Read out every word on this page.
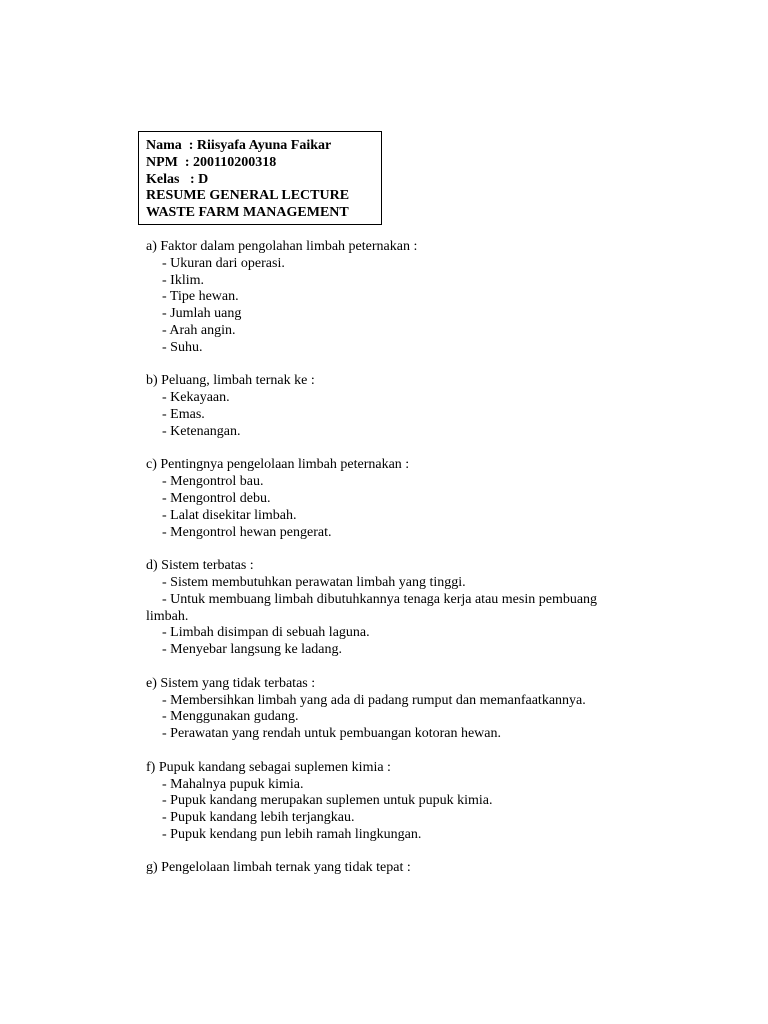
Nama  : Riisyafa Ayuna Faikar
NPM  : 200110200318
Kelas   : D
RESUME GENERAL LECTURE
WASTE FARM MANAGEMENT
a) Faktor dalam pengolahan limbah peternakan :
- Ukuran dari operasi.
- Iklim.
- Tipe hewan.
- Jumlah uang
- Arah angin.
- Suhu.
b) Peluang, limbah ternak ke :
- Kekayaan.
- Emas.
- Ketenangan.
c) Pentingnya pengelolaan limbah peternakan :
- Mengontrol bau.
- Mengontrol debu.
- Lalat disekitar limbah.
- Mengontrol hewan pengerat.
d) Sistem terbatas :
- Sistem membutuhkan perawatan limbah yang tinggi.
- Untuk membuang limbah dibutuhkannya tenaga kerja atau mesin pembuang
limbah.
- Limbah disimpan di sebuah laguna.
- Menyebar langsung ke ladang.
e) Sistem yang tidak terbatas :
- Membersihkan limbah yang ada di padang rumput dan memanfaatkannya.
- Menggunakan gudang.
- Perawatan yang rendah untuk pembuangan kotoran hewan.
f) Pupuk kandang sebagai suplemen kimia :
- Mahalnya pupuk kimia.
- Pupuk kandang merupakan suplemen untuk pupuk kimia.
- Pupuk kandang lebih terjangkau.
- Pupuk kendang pun lebih ramah lingkungan.
g) Pengelolaan limbah ternak yang tidak tepat :
